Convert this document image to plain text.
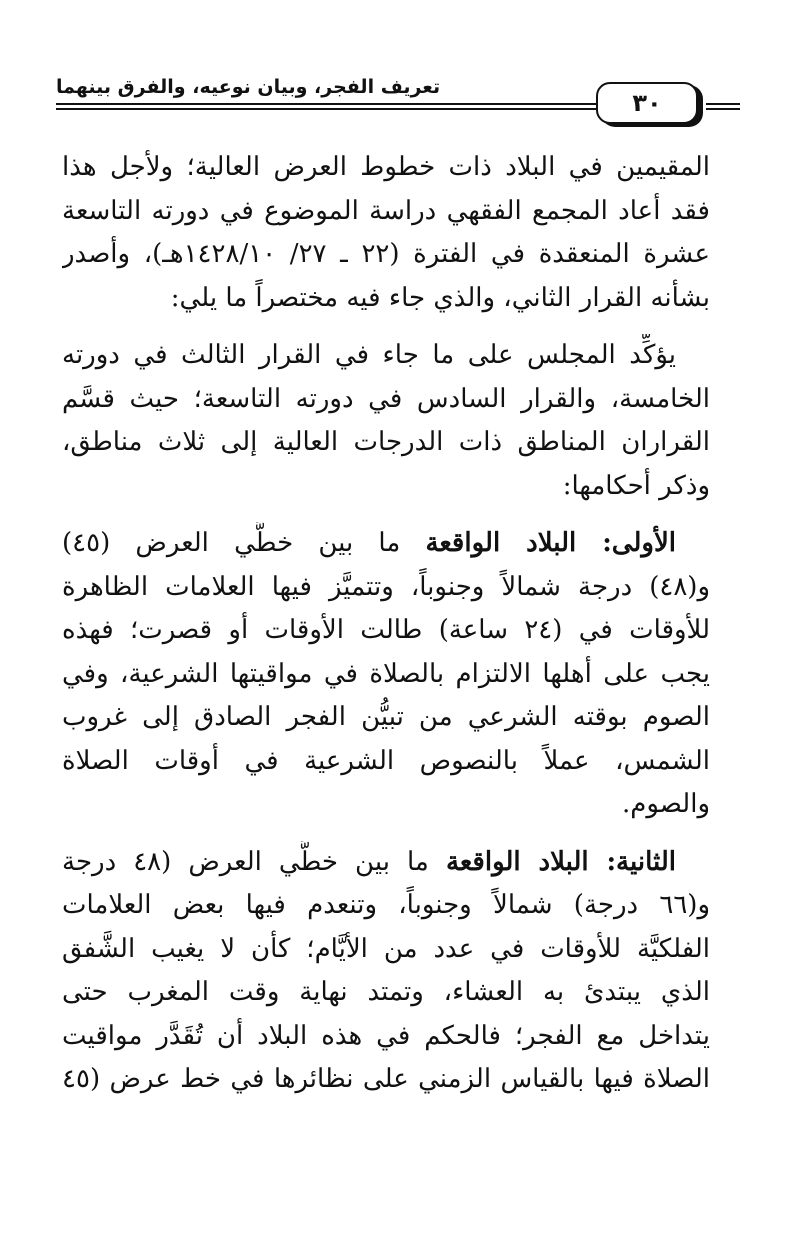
تعريف الفجر، وبيان نوعيه، والفرق بينهما
٣٠
المقيمين في البلاد ذات خطوط العرض العالية؛ ولأجل هذا
فقد أعاد المجمع الفقهي دراسة الموضوع في دورته التاسعة
عشرة المنعقدة في الفترة (٢٢ ـ ٢٧/ ١٤٢٨/١٠هـ)، وأصدر
بشأنه القرار الثاني، والذي جاء فيه مختصراً ما يلي:
يؤكِّد المجلس على ما جاء في القرار الثالث في دورته
الخامسة، والقرار السادس في دورته التاسعة؛ حيث قسَّم
القراران المناطق ذات الدرجات العالية إلى ثلاث مناطق،
وذكر أحكامها:
الأولى: البلاد الواقعة ما بين خطَّي العرض (٤٥)
و(٤٨) درجة شمالاً وجنوباً، وتتميَّز فيها العلامات الظاهرة
للأوقات في (٢٤ ساعة) طالت الأوقات أو قصرت؛ فهذه
يجب على أهلها الالتزام بالصلاة في مواقيتها الشرعية، وفي
الصوم بوقته الشرعي من تبيُّن الفجر الصادق إلى غروب
الشمس، عملاً بالنصوص الشرعية في أوقات الصلاة
والصوم.
الثانية: البلاد الواقعة ما بين خطَّي العرض (٤٨ درجة
و(٦٦ درجة) شمالاً وجنوباً، وتنعدم فيها بعض العلامات
الفلكيَّة للأوقات في عدد من الأيَّام؛ كأن لا يغيب الشَّفق
الذي يبتدئ به العشاء، وتمتد نهاية وقت المغرب حتى
يتداخل مع الفجر؛ فالحكم في هذه البلاد أن تُقَدَّر مواقيت
الصلاة فيها بالقياس الزمني على نظائرها في خط عرض (٤٥
